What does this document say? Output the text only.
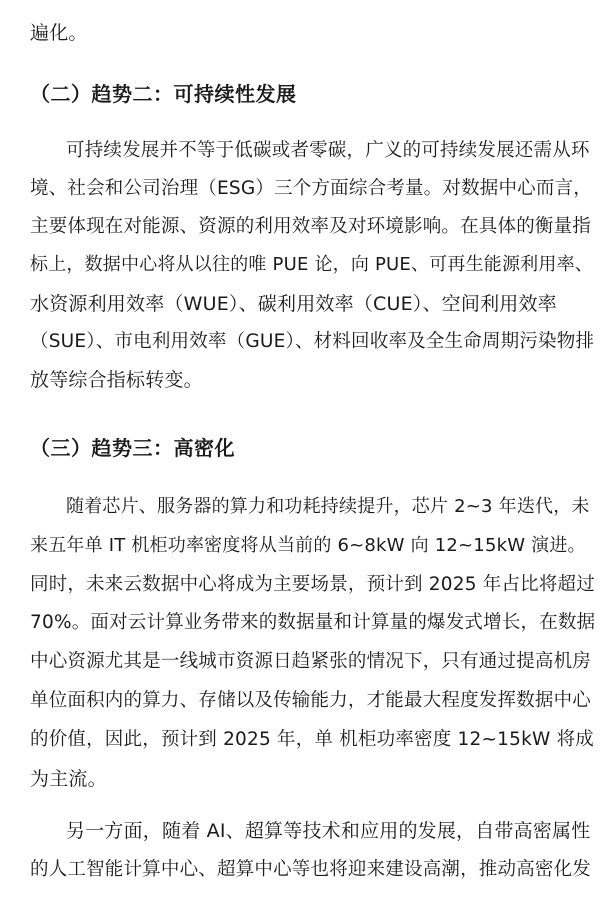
遍化。
（二）趋势二：可持续性发展
可持续发展并不等于低碳或者零碳，广义的可持续发展还需从环
境、社会和公司治理（ESG）三个方面综合考量。对数据中心而言，
主要体现在对能源、资源的利用效率及对环境影响。在具体的衡量指
标上，数据中心将从以往的唯 PUE 论，向 PUE、可再生能源利用率、
水资源利用效率（WUE）、碳利用效率（CUE）、空间利用效率
（SUE）、市电利用效率（GUE）、材料回收率及全生命周期污染物排
放等综合指标转变。
（三）趋势三：高密化
随着芯片、服务器的算力和功耗持续提升，芯片 2~3 年迭代，未
来五年单 IT 机柜功率密度将从当前的 6~8kW 向 12~15kW 演进。
同时，未来云数据中心将成为主要场景，预计到 2025 年占比将超过
70%。面对云计算业务带来的数据量和计算量的爆发式增长，在数据
中心资源尤其是一线城市资源日趋紧张的情况下，只有通过提高机房
单位面积内的算力、存储以及传输能力，才能最大程度发挥数据中心
的价值，因此，预计到 2025 年，单 机柜功率密度 12~15kW 将成
为主流。
另一方面，随着 AI、超算等技术和应用的发展，自带高密属性
的人工智能计算中心、超算中心等也将迎来建设高潮，推动高密化发
